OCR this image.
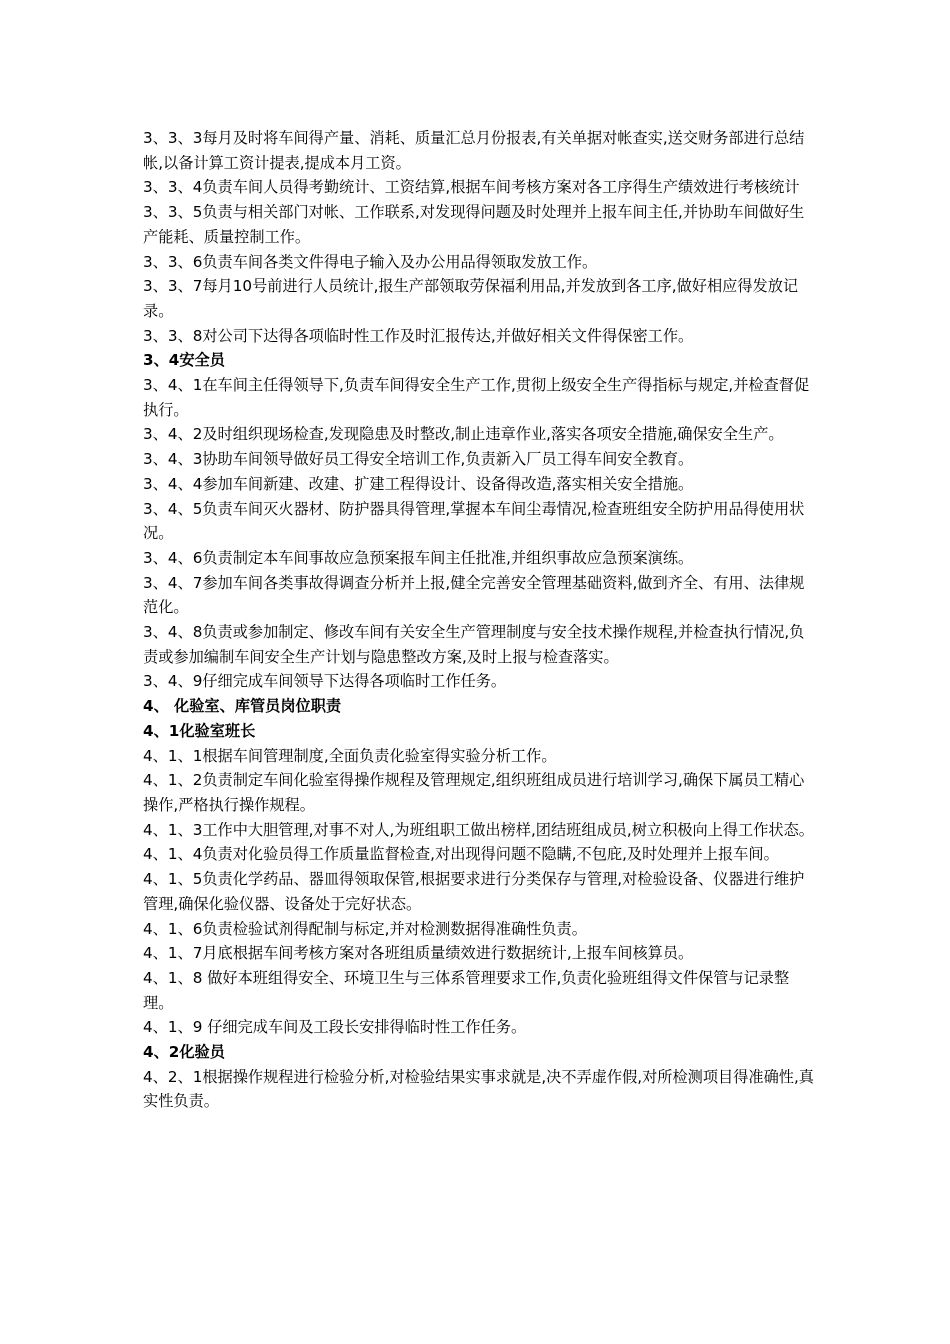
3、3、3每月及时将车间得产量、消耗、质量汇总月份报表,有关单据对帐查实,送交财务部进行总结帐,以备计算工资计提表,提成本月工资。

3、3、4负责车间人员得考勤统计、工资结算,根据车间考核方案对各工序得生产绩效进行考核统计

3、3、5负责与相关部门对帐、工作联系,对发现得问题及时处理并上报车间主任,并协助车间做好生产能耗、质量控制工作。

3、3、6负责车间各类文件得电子输入及办公用品得领取发放工作。

3、3、7每月10号前进行人员统计,报生产部领取劳保福利用品,并发放到各工序,做好相应得发放记录。

3、3、8对公司下达得各项临时性工作及时汇报传达,并做好相关文件得保密工作。

3、4安全员

3、4、1在车间主任得领导下,负责车间得安全生产工作,贯彻上级安全生产得指标与规定,并检查督促执行。

3、4、2及时组织现场检查,发现隐患及时整改,制止违章作业,落实各项安全措施,确保安全生产。

3、4、3协助车间领导做好员工得安全培训工作,负责新入厂员工得车间安全教育。

3、4、4参加车间新建、改建、扩建工程得设计、设备得改造,落实相关安全措施。

3、4、5负责车间灭火器材、防护器具得管理,掌握本车间尘毒情况,检查班组安全防护用品得使用状况。

3、4、6负责制定本车间事故应急预案报车间主任批准,并组织事故应急预案演练。

3、4、7参加车间各类事故得调查分析并上报,健全完善安全管理基础资料,做到齐全、有用、法律规范化。

3、4、8负责或参加制定、修改车间有关安全生产管理制度与安全技术操作规程,并检查执行情况,负责或参加编制车间安全生产计划与隐患整改方案,及时上报与检查落实。

3、4、9仔细完成车间领导下达得各项临时工作任务。

4、 化验室、库管员岗位职责

4、1化验室班长

4、1、1根据车间管理制度,全面负责化验室得实验分析工作。

4、1、2负责制定车间化验室得操作规程及管理规定,组织班组成员进行培训学习,确保下属员工精心操作,严格执行操作规程。

4、1、3工作中大胆管理,对事不对人,为班组职工做出榜样,团结班组成员,树立积极向上得工作状态。

4、1、4负责对化验员得工作质量监督检查,对出现得问题不隐瞒,不包庇,及时处理并上报车间。

4、1、5负责化学药品、器皿得领取保管,根据要求进行分类保存与管理,对检验设备、仪器进行维护管理,确保化验仪器、设备处于完好状态。

4、1、6负责检验试剂得配制与标定,并对检测数据得准确性负责。

4、1、7月底根据车间考核方案对各班组质量绩效进行数据统计,上报车间核算员。

4、1、8 做好本班组得安全、环境卫生与三体系管理要求工作,负责化验班组得文件保管与记录整理。

4、1、9 仔细完成车间及工段长安排得临时性工作任务。

4、2化验员

4、2、1根据操作规程进行检验分析,对检验结果实事求就是,决不弄虚作假,对所检测项目得准确性,真实性负责。
